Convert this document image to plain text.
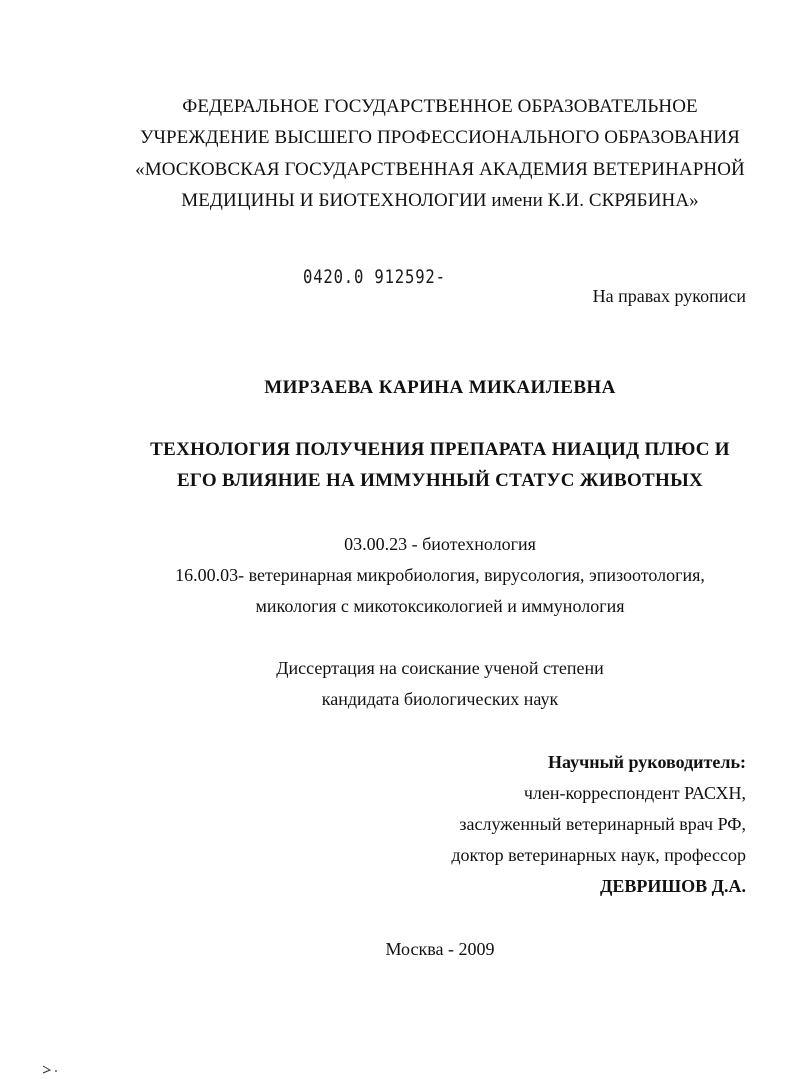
ФЕДЕРАЛЬНОЕ ГОСУДАРСТВЕННОЕ ОБРАЗОВАТЕЛЬНОЕ
УЧРЕЖДЕНИЕ ВЫСШЕГО ПРОФЕССИОНАЛЬНОГО ОБРАЗОВАНИЯ
«МОСКОВСКАЯ ГОСУДАРСТВЕННАЯ АКАДЕМИЯ ВЕТЕРИНАРНОЙ
МЕДИЦИНЫ И БИОТЕХНОЛОГИИ имени К.И. СКРЯБИНА»
0420.0 912592-
На правах рукописи
МИРЗАЕВА КАРИНА МИКАИЛЕВНА
ТЕХНОЛОГИЯ ПОЛУЧЕНИЯ ПРЕПАРАТА НИАЦИД ПЛЮС И
ЕГО ВЛИЯНИЕ НА ИММУННЫЙ СТАТУС ЖИВОТНЫХ
03.00.23 - биотехнология
16.00.03- ветеринарная микробиология, вирусология, эпизоотология,
микология с микотоксикологией и иммунология
Диссертация на соискание ученой степени
кандидата биологических наук
Научный руководитель:
член-корреспондент РАСХН,
заслуженный ветеринарный врач РФ,
доктор ветеринарных наук, профессор
ДЕВРИШОВ Д.А.
Москва - 2009
